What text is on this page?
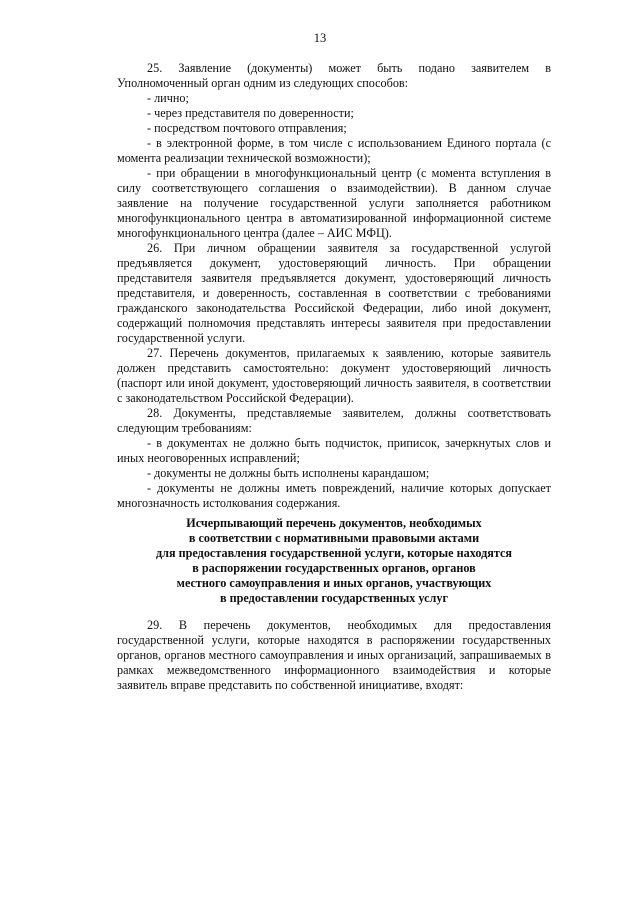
13

25. Заявление (документы) может быть подано заявителем в Уполномоченный орган одним из следующих способов:

- лично;

- через представителя по доверенности;

- посредством почтового отправления;

- в электронной форме, в том числе с использованием Единого портала (с момента реализации технической возможности);

- при обращении в многофункциональный центр (с момента вступления в силу соответствующего соглашения о взаимодействии). В данном случае заявление на получение государственной услуги заполняется работником многофункционального центра в автоматизированной информационной системе многофункционального центра (далее – АИС МФЦ).

26. При личном обращении заявителя за государственной услугой предъявляется документ, удостоверяющий личность. При обращении представителя заявителя предъявляется документ, удостоверяющий личность представителя, и доверенность, составленная в соответствии с требованиями гражданского законодательства Российской Федерации, либо иной документ, содержащий полномочия представлять интересы заявителя при предоставлении государственной услуги.

27. Перечень документов, прилагаемых к заявлению, которые заявитель должен представить самостоятельно: документ удостоверяющий личность (паспорт или иной документ, удостоверяющий личность заявителя, в соответствии с законодательством Российской Федерации).

28. Документы, представляемые заявителем, должны соответствовать следующим требованиям:

- в документах не должно быть подчисток, приписок, зачеркнутых слов и иных неоговоренных исправлений;

- документы не должны быть исполнены карандашом;

- документы не должны иметь повреждений, наличие которых допускает многозначность истолкования содержания.

Исчерпывающий перечень документов, необходимых
в соответствии с нормативными правовыми актами
для предоставления государственной услуги, которые находятся
в распоряжении государственных органов, органов
местного самоуправления и иных органов, участвующих
в предоставлении государственных услуг

29. В перечень документов, необходимых для предоставления государственной услуги, которые находятся в распоряжении государственных органов, органов местного самоуправления и иных организаций, запрашиваемых в рамках межведомственного информационного взаимодействия и которые заявитель вправе представить по собственной инициативе, входят:
